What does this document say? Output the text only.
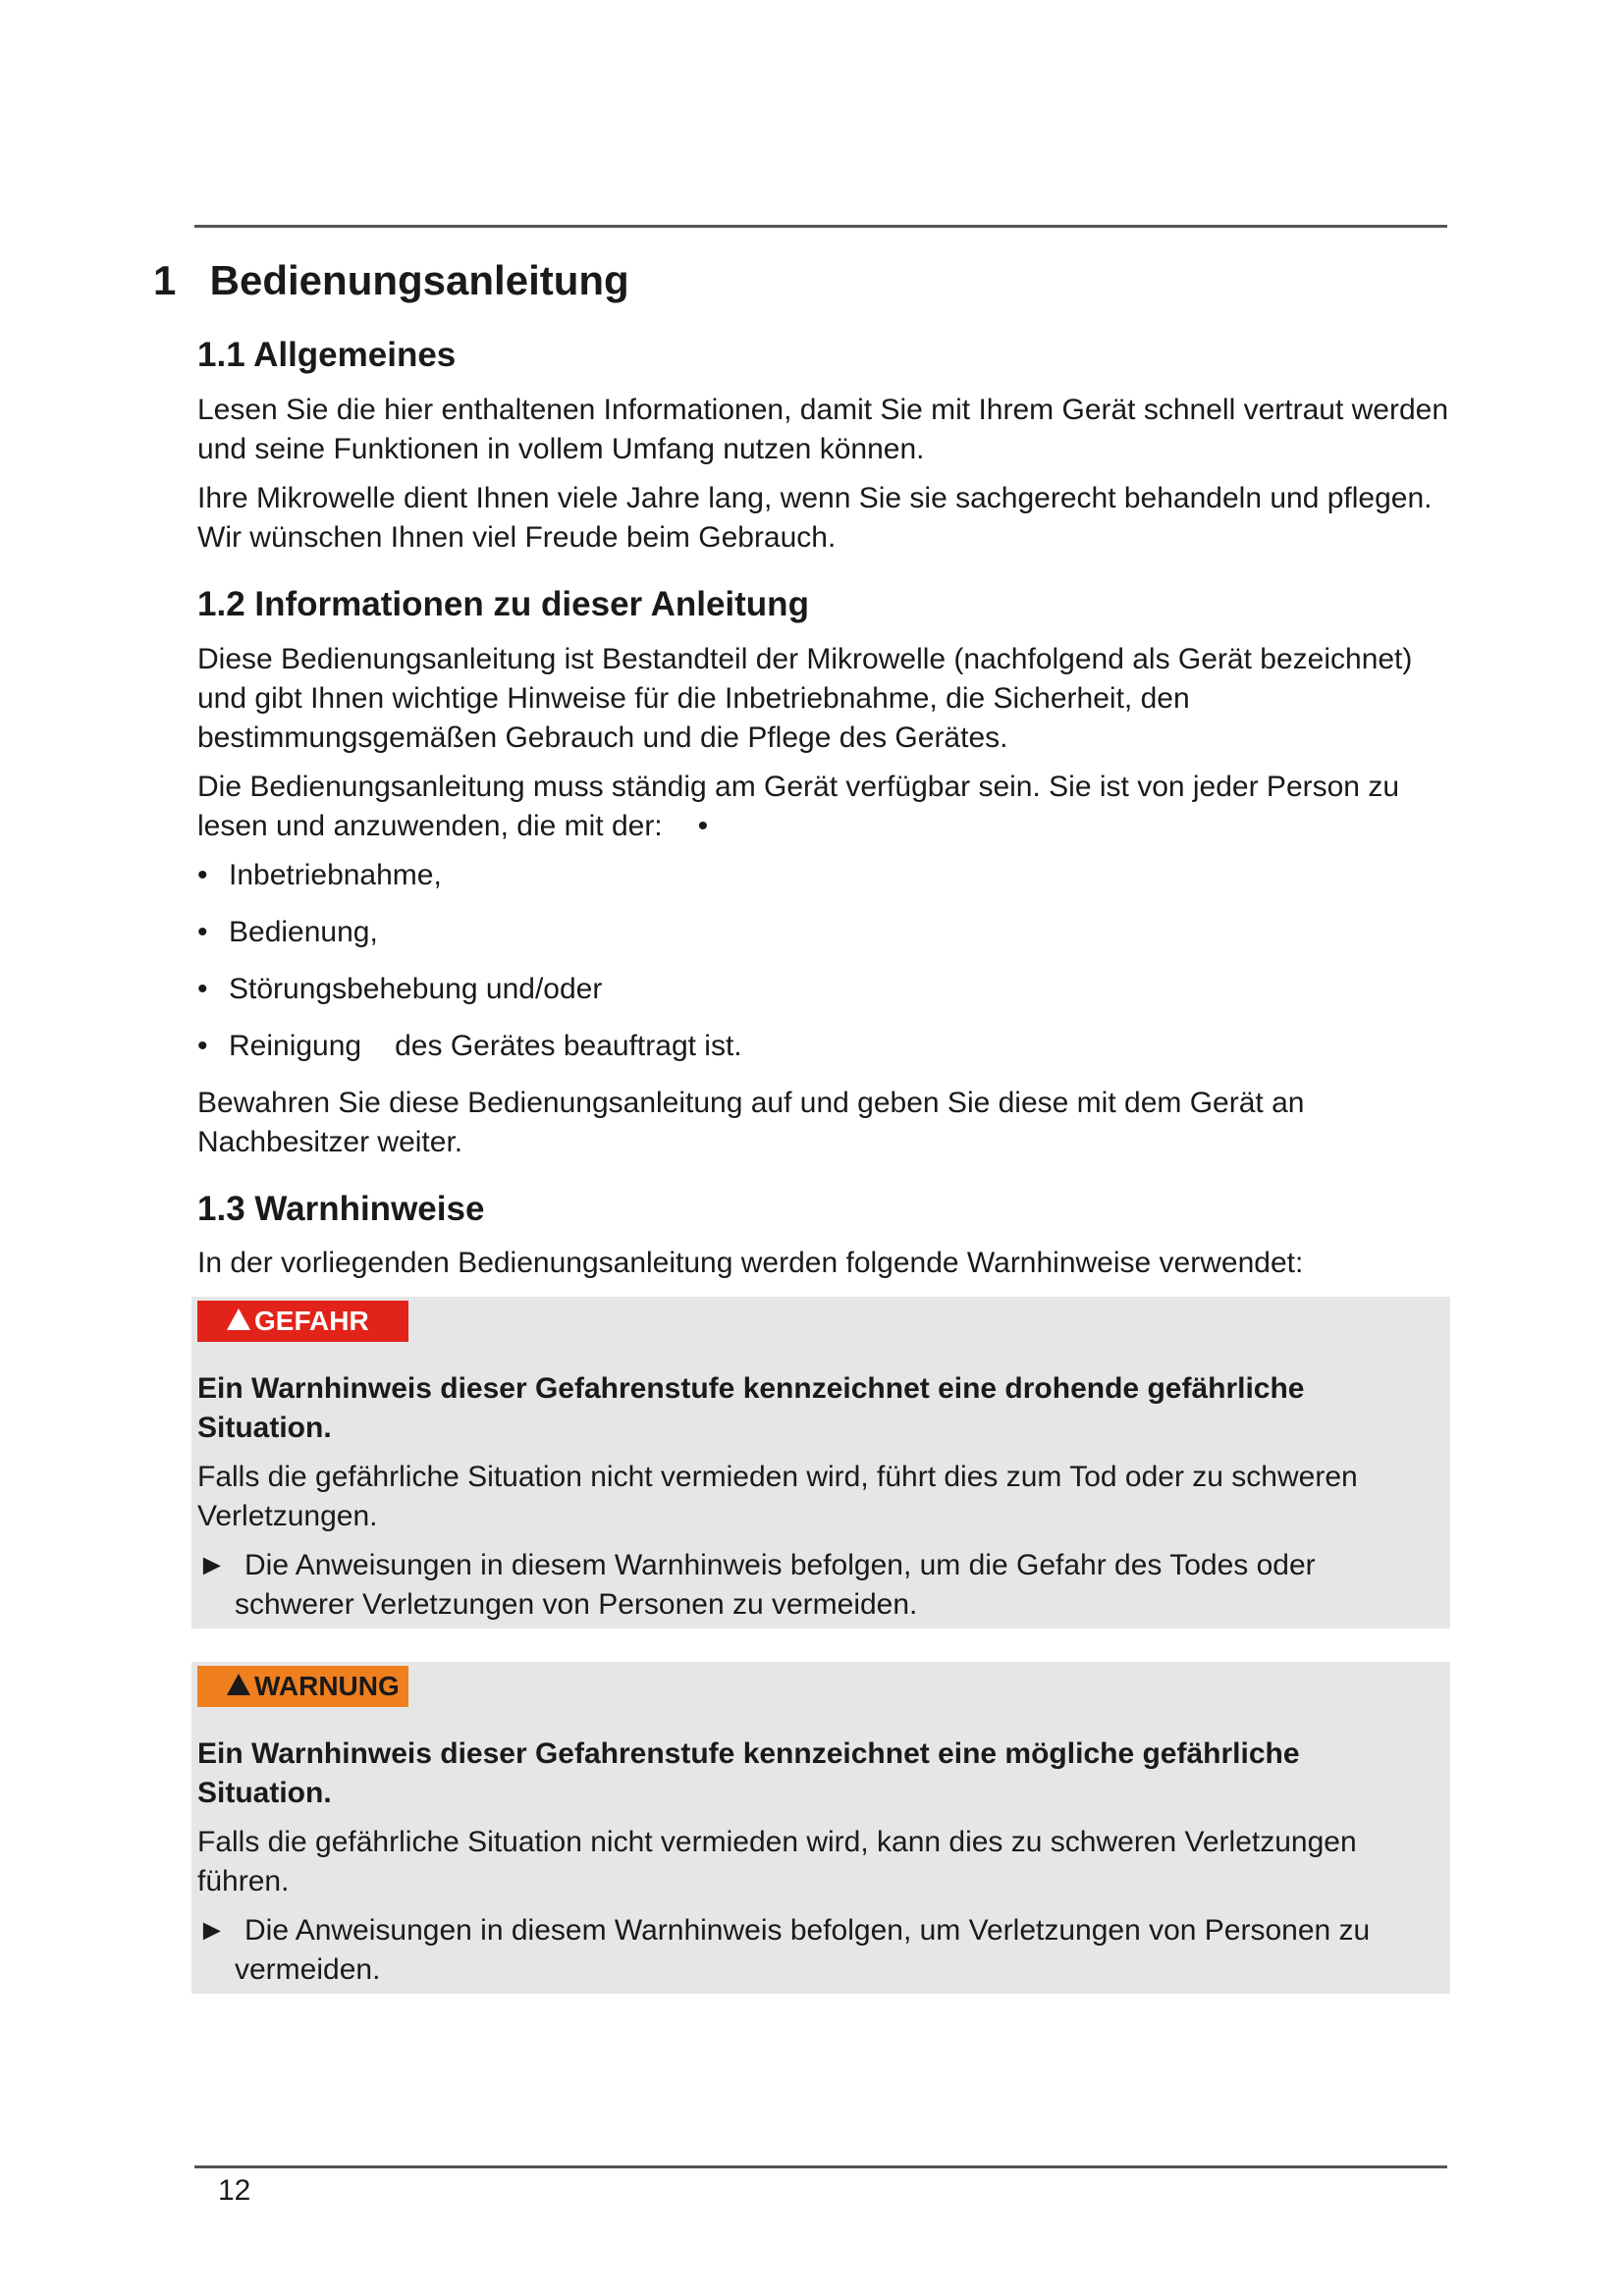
1 Bedienungsanleitung
1.1 Allgemeines

Lesen Sie die hier enthaltenen Informationen, damit Sie mit Ihrem Gerät schnell vertraut werden und seine Funktionen in vollem Umfang nutzen können.

Ihre Mikrowelle dient Ihnen viele Jahre lang, wenn Sie sie sachgerecht behandeln und pflegen. Wir wünschen Ihnen viel Freude beim Gebrauch.

1.2 Informationen zu dieser Anleitung

Diese Bedienungsanleitung ist Bestandteil der Mikrowelle (nachfolgend als Gerät bezeichnet) und gibt Ihnen wichtige Hinweise für die Inbetriebnahme, die Sicherheit, den bestimmungsgemäßen Gebrauch und die Pflege des Gerätes.

Die Bedienungsanleitung muss ständig am Gerät verfügbar sein. Sie ist von jeder Person zu lesen und anzuwenden, die mit der: •

• Inbetriebnahme,
• Bedienung,
• Störungsbehebung und/oder
• Reinigung des Gerätes beauftragt ist.

Bewahren Sie diese Bedienungsanleitung auf und geben Sie diese mit dem Gerät an Nachbesitzer weiter.

1.3 Warnhinweise

In der vorliegenden Bedienungsanleitung werden folgende Warnhinweise verwendet:

GEFAHR

Ein Warnhinweis dieser Gefahrenstufe kennzeichnet eine drohende gefährliche Situation.

Falls die gefährliche Situation nicht vermieden wird, führt dies zum Tod oder zu schweren Verletzungen.

► Die Anweisungen in diesem Warnhinweis befolgen, um die Gefahr des Todes oder schwerer Verletzungen von Personen zu vermeiden.

WARNUNG

Ein Warnhinweis dieser Gefahrenstufe kennzeichnet eine mögliche gefährliche Situation.

Falls die gefährliche Situation nicht vermieden wird, kann dies zu schweren Verletzungen führen.

► Die Anweisungen in diesem Warnhinweis befolgen, um Verletzungen von Personen zu vermeiden.

12
